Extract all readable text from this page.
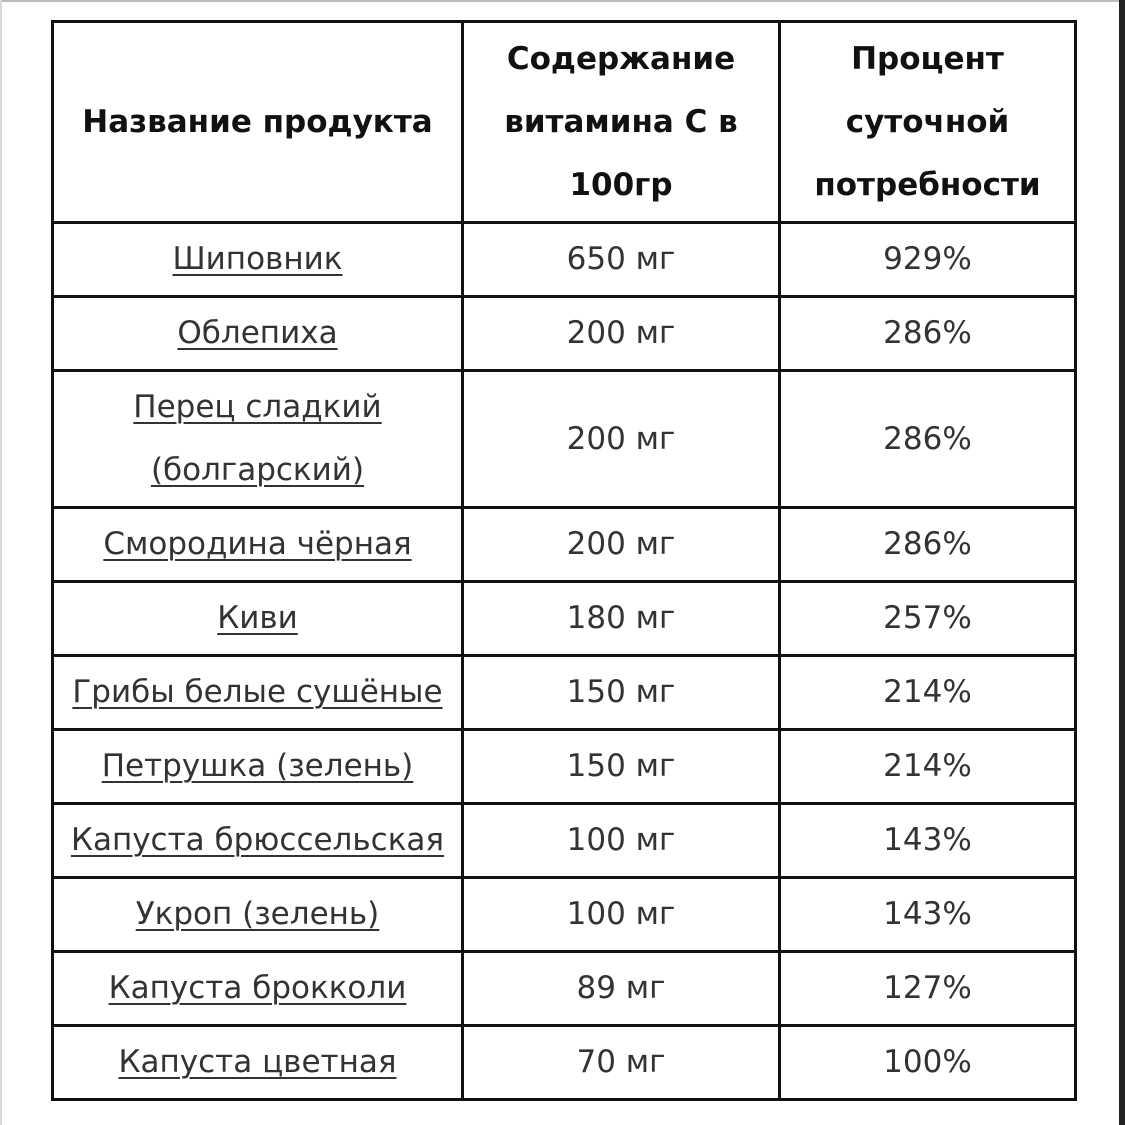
Название продукта	Содержание витамина С в 100гр	Процент суточной потребности
Шиповник	650 мг	929%
Облепиха	200 мг	286%
Перец сладкий (болгарский)	200 мг	286%
Смородина чёрная	200 мг	286%
Киви	180 мг	257%
Грибы белые сушёные	150 мг	214%
Петрушка (зелень)	150 мг	214%
Капуста брюссельская	100 мг	143%
Укроп (зелень)	100 мг	143%
Капуста брокколи	89 мг	127%
Капуста цветная	70 мг	100%
